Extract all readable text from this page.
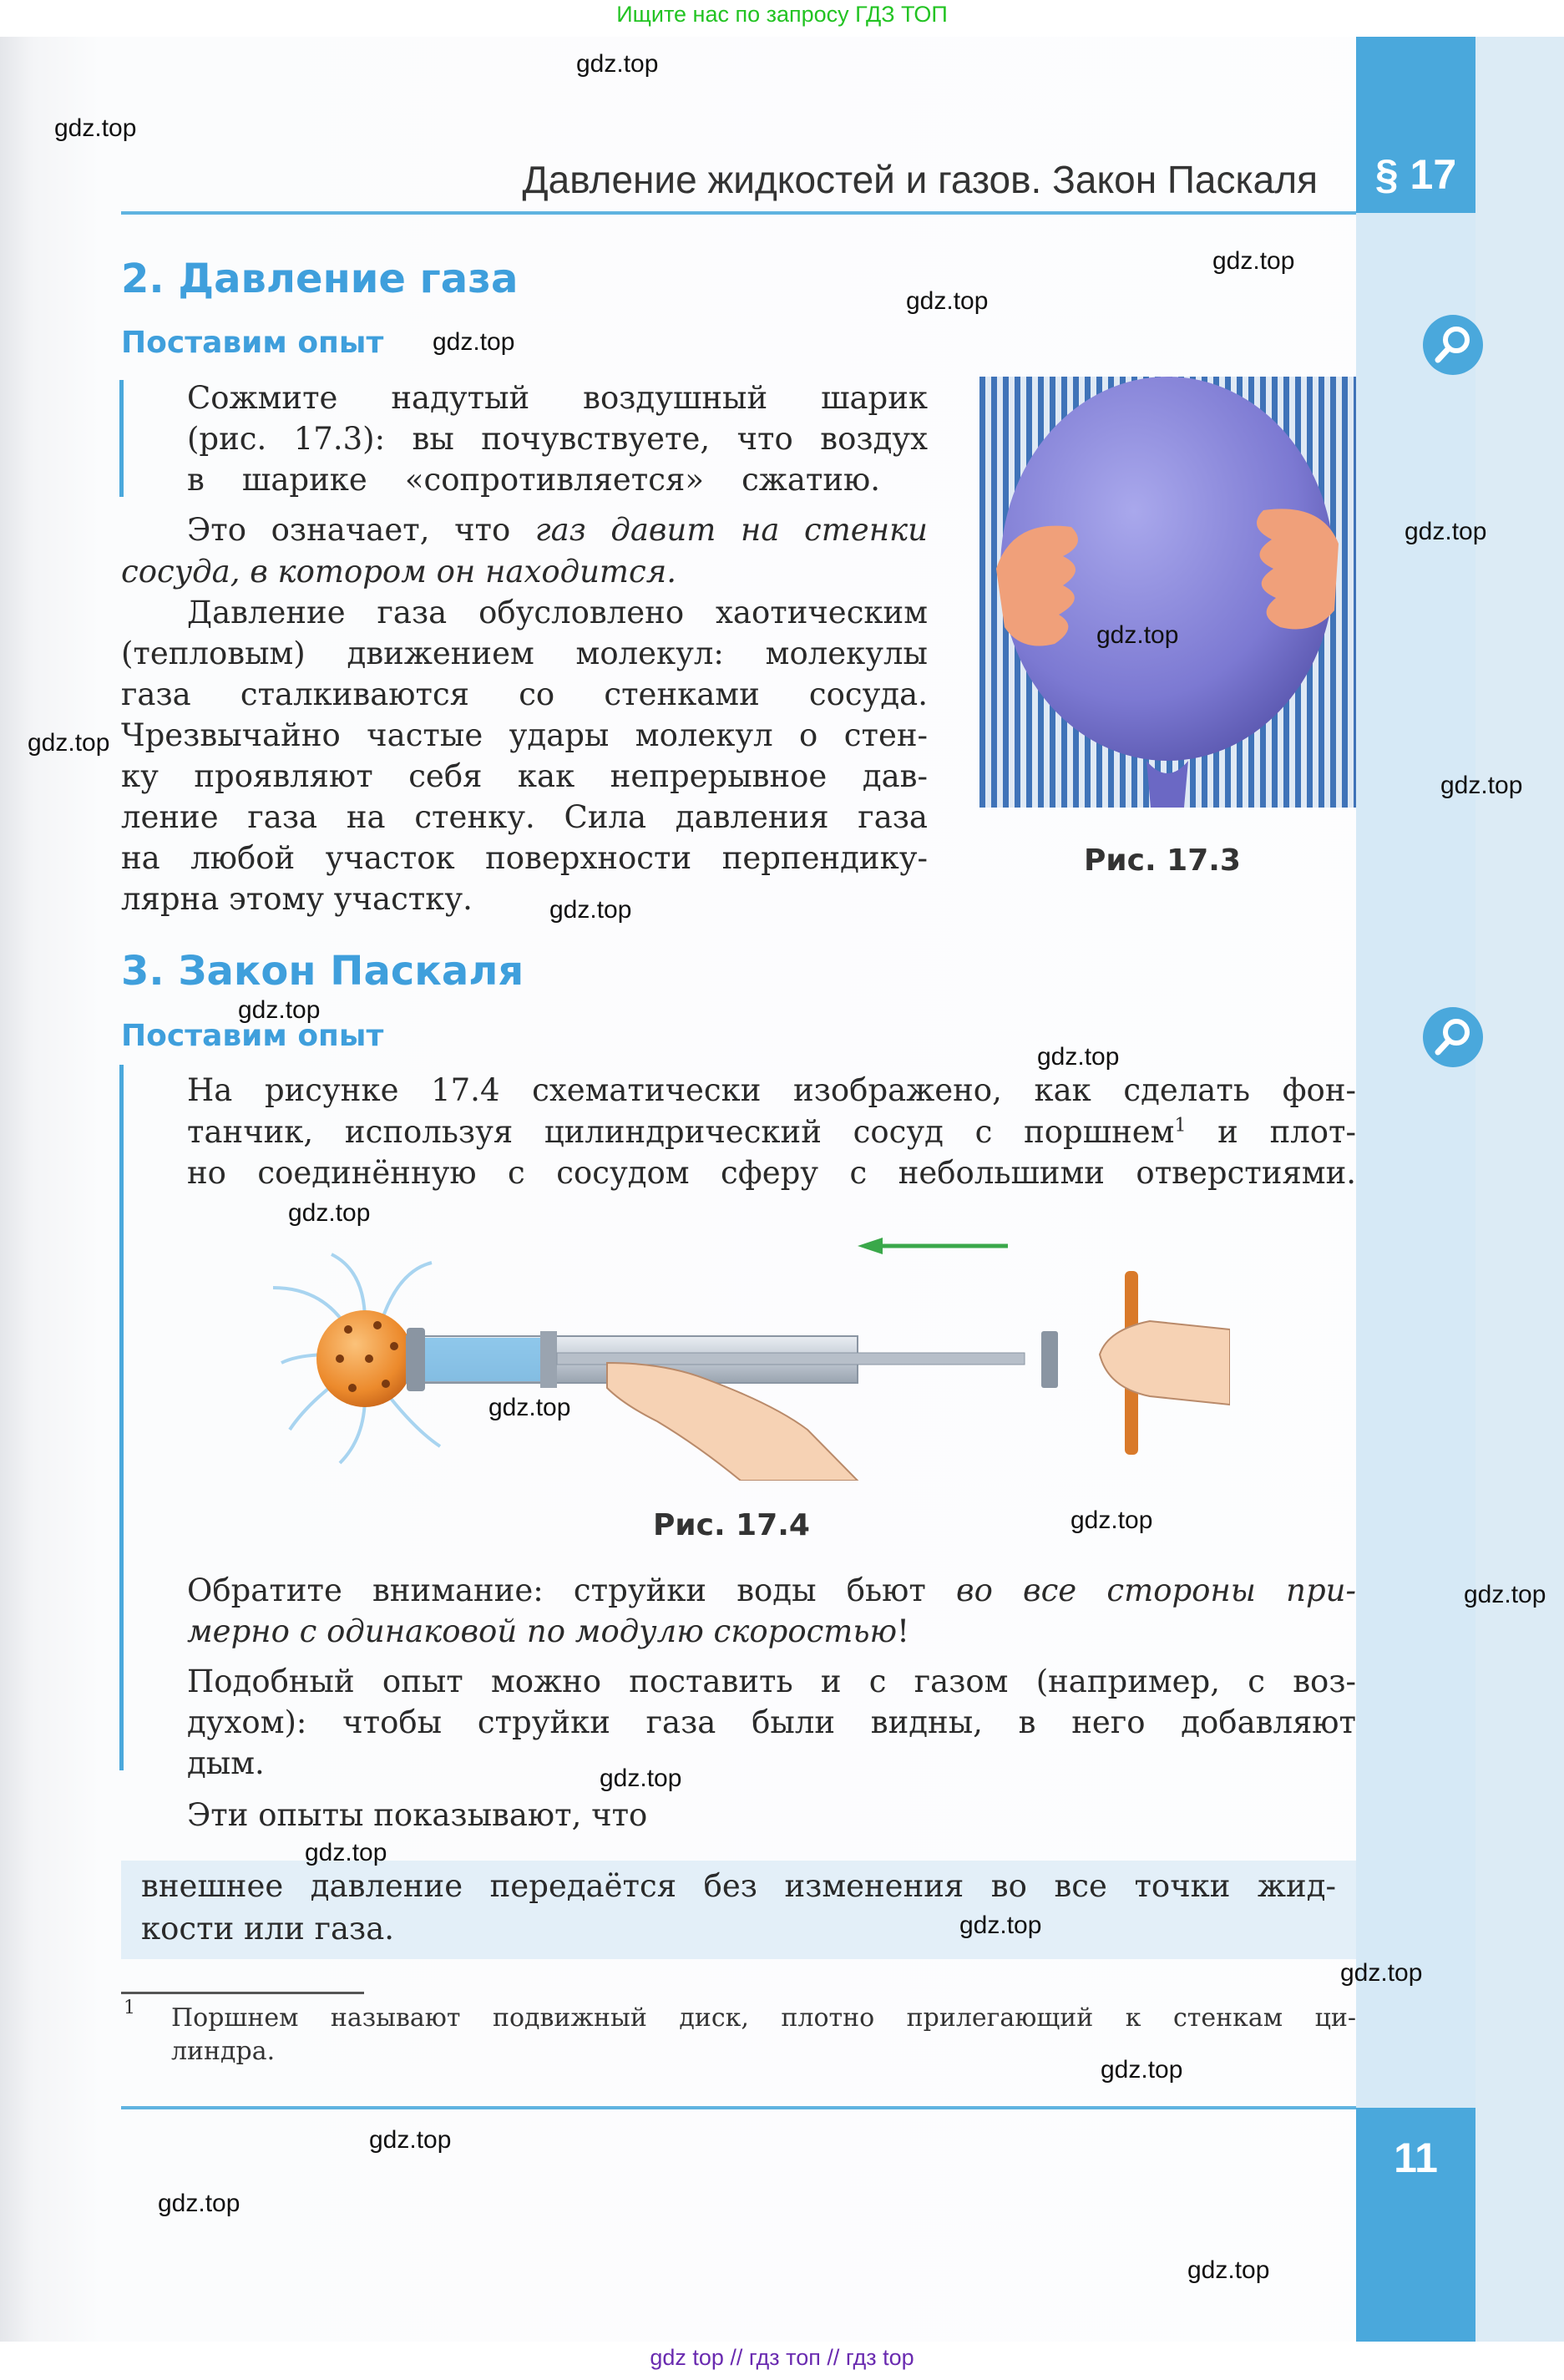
Ищите нас по запросу ГДЗ ТОП
§ 17
Давление жидкостей и газов. Закон Паскаля
2. Давление газа
Поставим опыт
Сожмите надутый воздушный шарик
(рис. 17.3): вы почувствуете, что воздух
в шарике «сопротивляется» сжатию.
Это означает, что газ давит на стенки
сосуда, в котором он находится.
Давление газа обусловлено хаотическим
(тепловым) движением молекул: молекулы
газа сталкиваются со стенками сосуда.
Чрезвычайно частые удары молекул о стен-
ку проявляют себя как непрерывное дав-
ление газа на стенку. Сила давления газа
на любой участок поверхности перпендику-
лярна этому участку.
Рис. 17.3
3. Закон Паскаля
Поставим опыт
На рисунке 17.4 схематически изображено, как сделать фон-
танчик, используя цилиндрический сосуд с поршнем$^1$ и плот-
но соединённую с сосудом сферу с небольшими отверстиями.
Рис. 17.4
Обратите внимание: струйки воды бьют во все стороны при-
мерно с одинаковой по модулю скоростью!
Подобный опыт можно поставить и с газом (например, с воз-
духом): чтобы струйки газа были видны, в него добавляют
дым.
Эти опыты показывают, что
внешнее давление передаётся без изменения во все точки жид-
кости или газа.
1 Поршнем называют подвижный диск, плотно прилегающий к стенкам ци-
линдра.
11
gdz top // гдз топ // гдз top
gdz.top
gdz.top
gdz.top
gdz.top
gdz.top
gdz.top
gdz.top
gdz.top
gdz.top
gdz.top
gdz.top
gdz.top
gdz.top
gdz.top
gdz.top
gdz.top
gdz.top
gdz.top
gdz.top
gdz.top
gdz.top
gdz.top
gdz.top
gdz.top
